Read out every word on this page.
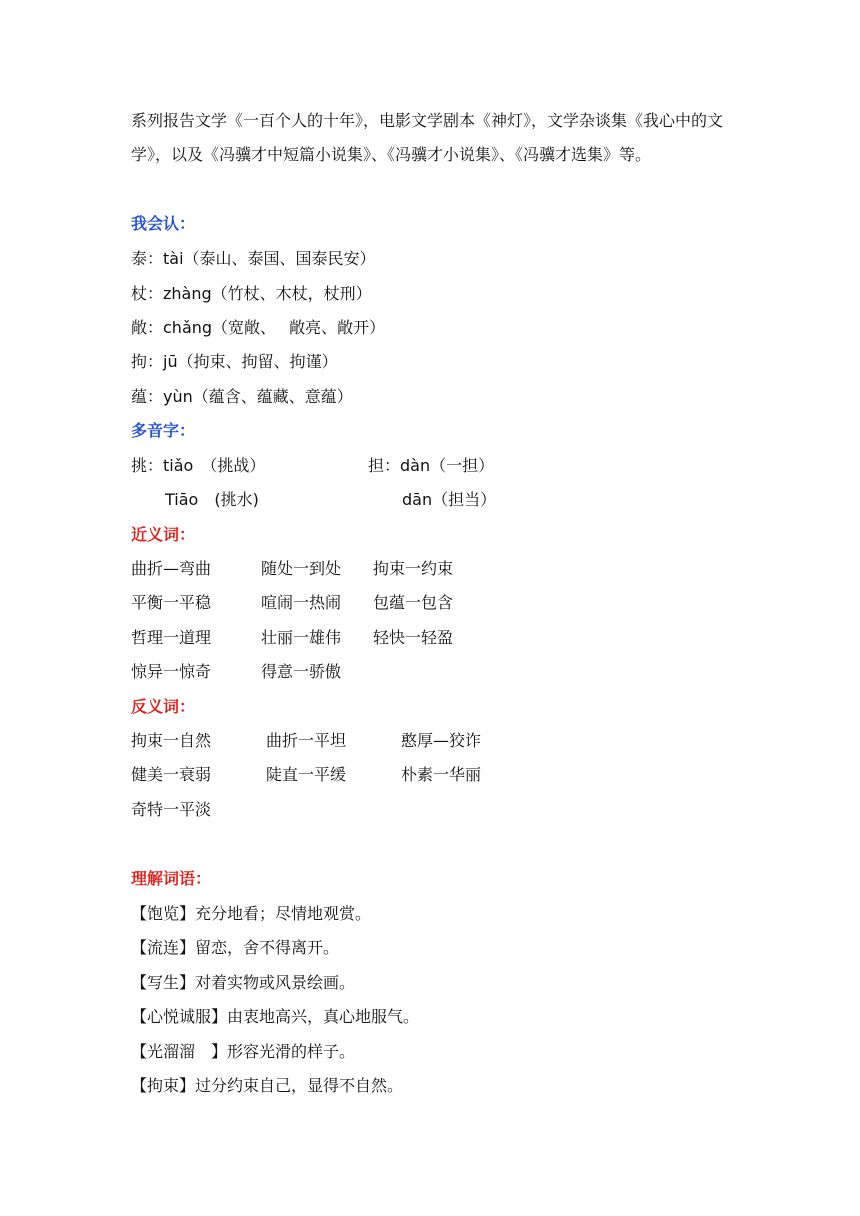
系列报告文学《一百个人的十年》，电影文学剧本《神灯》，文学杂谈集《我心中的文学》，以及《冯骥才中短篇小说集》、《冯骥才小说集》、《冯骥才选集》等。
我会认：
泰：tài（泰山、泰国、国泰民安）
杖：zhàng（竹杖、木杖，杖刑）
敞：chǎng（宽敞、　 敞亮、敞开）
拘：jū（拘束、拘留、拘谨）
蕴：yùn（蕴含、蕴藏、意蕴）
多音字：
挑：tiǎo　（挑战）	担：dàn（一担）
Tiāo　(挑水)	dān（担当）
近义词：
曲折—弯曲	随处一到处 拘束一约束
平衡一平稳	喧闹一热闹 包蕴一包含
哲理一道理	壮丽一雄伟 轻快一轻盈
惊异一惊奇	得意一骄傲
反义词：
拘束一自然	曲折一平坦	憨厚—狡诈
健美一衰弱	陡直一平缓	朴素一华丽
奇特一平淡
理解词语：
【饱览】充分地看；尽情地观赏。
【流连】留恋，舍不得离开。
【写生】对着实物或风景绘画。
【心悦诚服】由衷地高兴，真心地服气。
【光溜溜　】形容光滑的样子。
【拘束】过分约束自己，显得不自然。
